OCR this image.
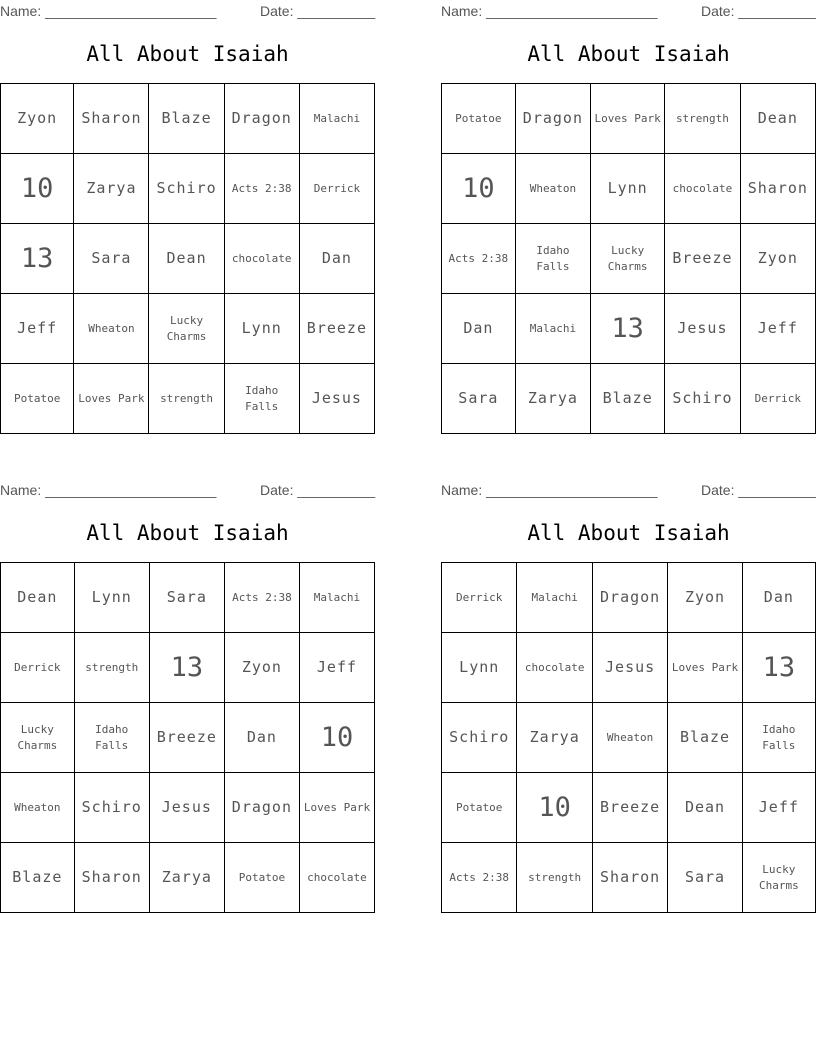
Name: ______________________	Date: __________
All About Isaiah
Zyon	Sharon	Blaze	Dragon	Malachi
10	Zarya	Schiro	Acts 2:38	Derrick
13	Sara	Dean	chocolate	Dan
Jeff	Wheaton	Lucky Charms	Lynn	Breeze
Potatoe	Loves Park	strength	Idaho Falls	Jesus
Name: ______________________	Date: __________
All About Isaiah
Potatoe	Dragon	Loves Park	strength	Dean
10	Wheaton	Lynn	chocolate	Sharon
Acts 2:38	Idaho Falls	Lucky Charms	Breeze	Zyon
Dan	Malachi	13	Jesus	Jeff
Sara	Zarya	Blaze	Schiro	Derrick
Name: ______________________	Date: __________
All About Isaiah
Dean	Lynn	Sara	Acts 2:38	Malachi
Derrick	strength	13	Zyon	Jeff
Lucky Charms	Idaho Falls	Breeze	Dan	10
Wheaton	Schiro	Jesus	Dragon	Loves Park
Blaze	Sharon	Zarya	Potatoe	chocolate
Name: ______________________	Date: __________
All About Isaiah
Derrick	Malachi	Dragon	Zyon	Dan
Lynn	chocolate	Jesus	Loves Park	13
Schiro	Zarya	Wheaton	Blaze	Idaho Falls
Potatoe	10	Breeze	Dean	Jeff
Acts 2:38	strength	Sharon	Sara	Lucky Charms
